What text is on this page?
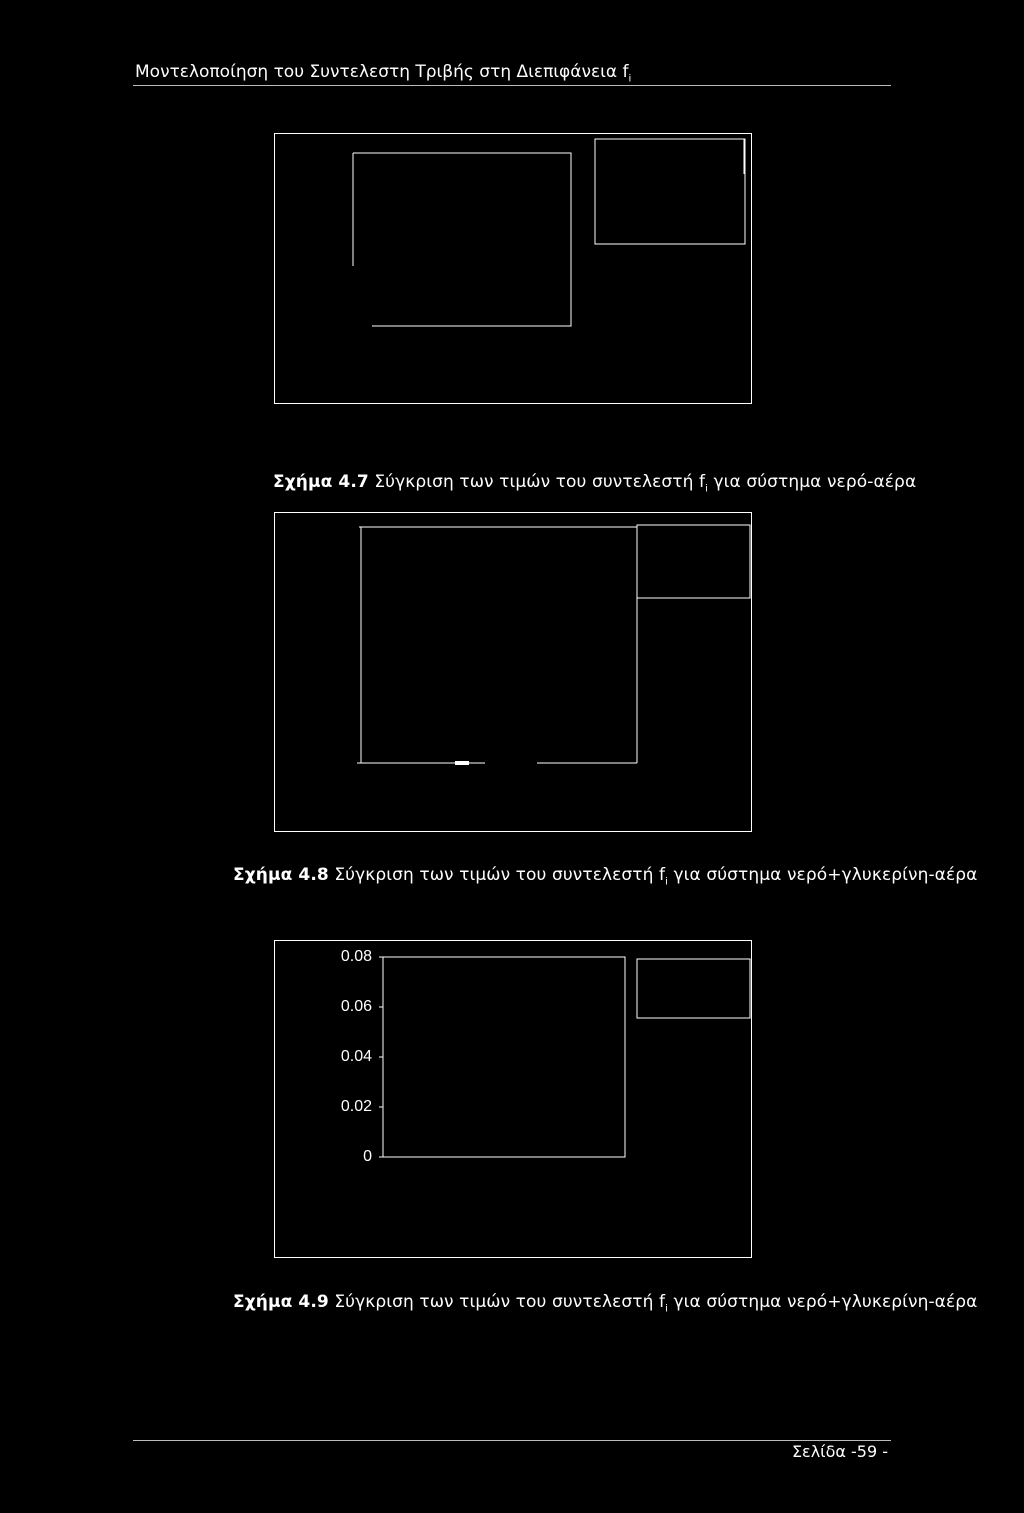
Μοντελοποίηση του Συντελεστη Τριβής στη Διεπιφάνεια $f_i$
Σχήμα 4.7 Σύγκριση των τιμών του συντελεστή $f_i$ για σύστημα νερό-αέρα
Σχήμα 4.8 Σύγκριση των τιμών του συντελεστή $f_i$ για σύστημα νερό+γλυκερίνη-αέρα
0.08
0.06
0.04
0.02
0
Σχήμα 4.9 Σύγκριση των τιμών του συντελεστή $f_i$ για σύστημα νερό+γλυκερίνη-αέρα
Σελίδα -59 -
